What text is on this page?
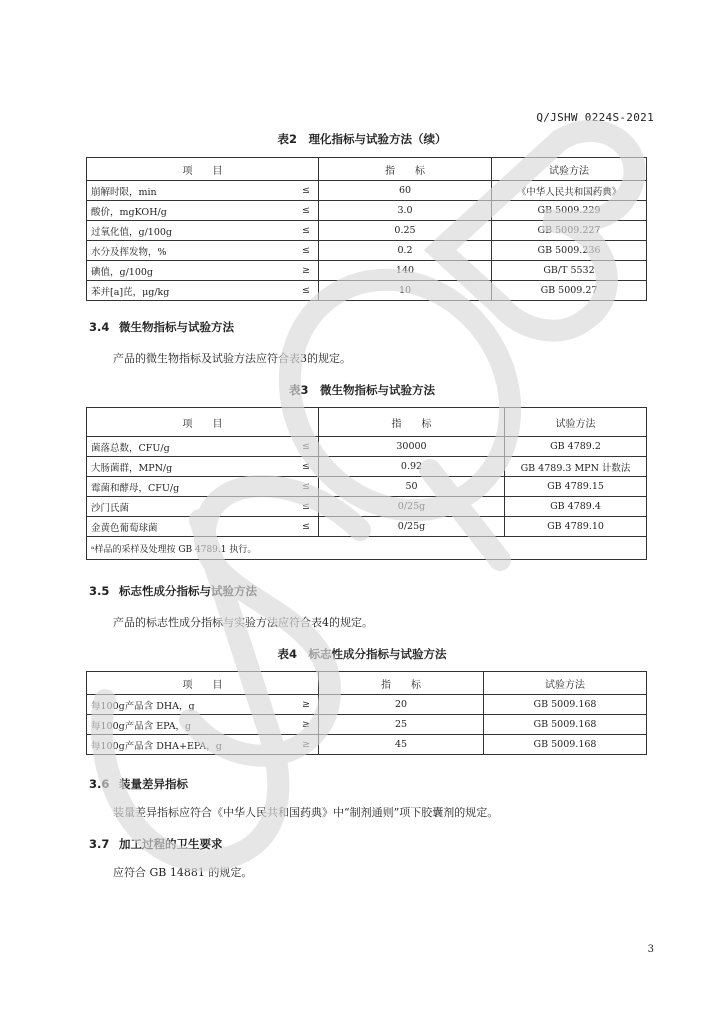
Q/JSHW 0224S-2021
表2　理化指标与试验方法（续）
项　　目		指　　标	试验方法
崩解时限，min	≤	60	《中华人民共和国药典》
酸价，mgKOH/g	≤	3.0	GB 5009.229
过氧化值，g/100g	≤	0.25	GB 5009.227
水分及挥发物，%	≤	0.2	GB 5009.236
碘值，g/100g	≥	140	GB/T 5532
苯并[a]芘，μg/kg	≤	10	GB 5009.27
3.4 微生物指标与试验方法
产品的微生物指标及试验方法应符合表3的规定。
表3　微生物指标与试验方法
项　　目		指　　标	试验方法
菌落总数，CFU/g	≤	30000	GB 4789.2
大肠菌群，MPN/g	≤	0.92	GB 4789.3 MPN 计数法
霉菌和酵母，CFU/g	≤	50	GB 4789.15
沙门氏菌	≤	0/25g	GB 4789.4
金黄色葡萄球菌	≤	0/25g	GB 4789.10
ᵃ样品的采样及处理按 GB 4789.1 执行。			
3.5 标志性成分指标与试验方法
产品的标志性成分指标与实验方法应符合表4的规定。
表4　标志性成分指标与试验方法
项　　目		指　　标	试验方法
每100g产品含 DHA，g	≥	20	GB 5009.168
每100g产品含 EPA，g	≥	25	GB 5009.168
每100g产品含 DHA+EPA，g	≥	45	GB 5009.168
3.6 装量差异指标
装量差异指标应符合《中华人民共和国药典》中“制剂通则”项下胶囊剂的规定。
3.7 加工过程的卫生要求
应符合 GB 14881 的规定。
3
